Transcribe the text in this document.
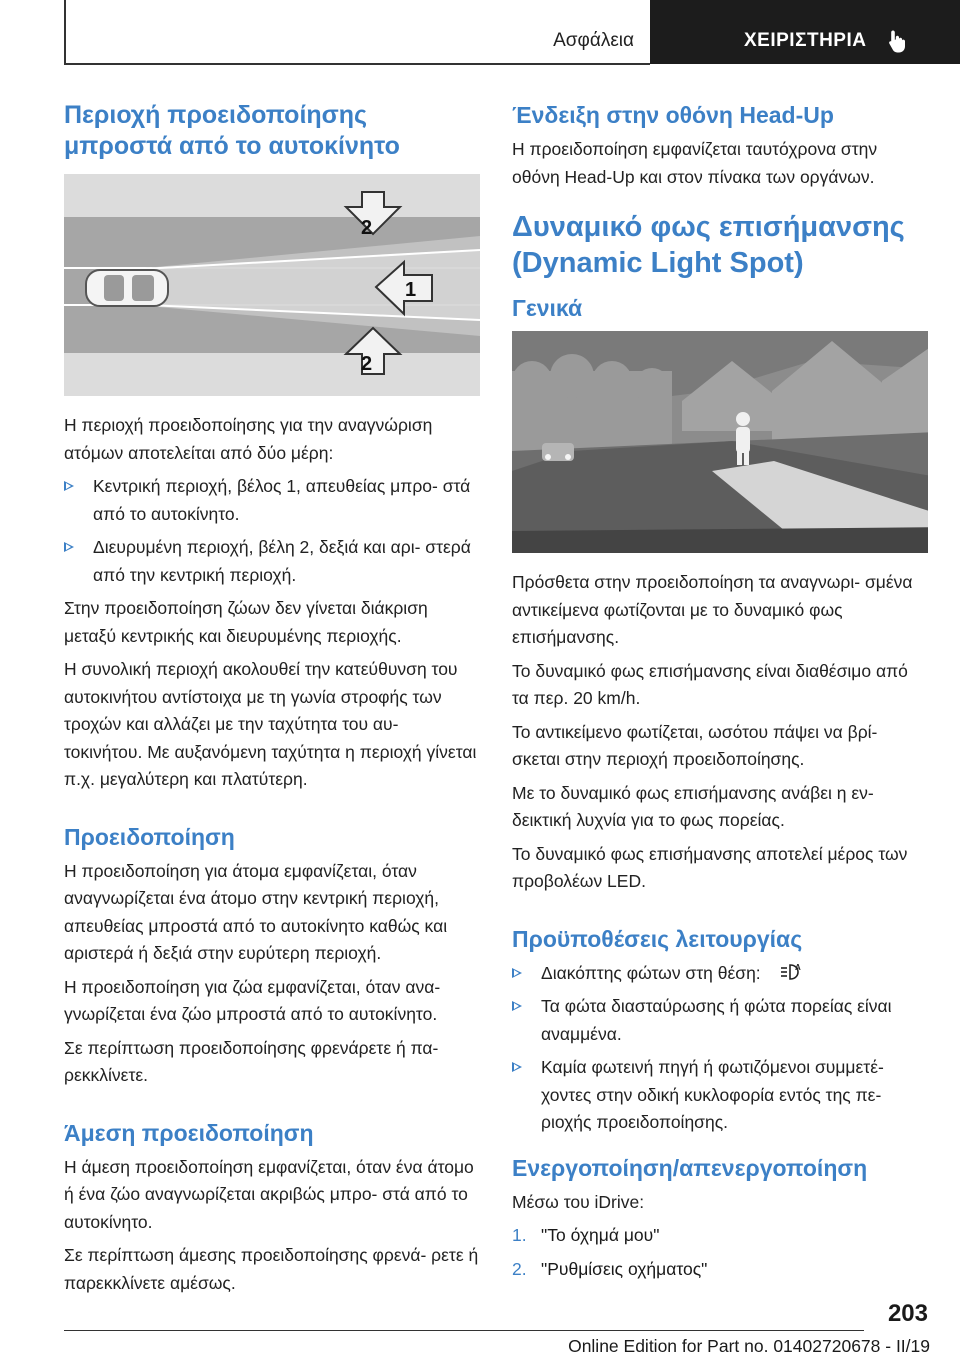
Ασφάλεια	ΧΕΙΡΙΣΤΗΡΙΑ
Περιοχή προειδοποίησης μπροστά από το αυτοκίνητο
2
1
2

Η περιοχή προειδοποίησης για την αναγνώριση ατόμων αποτελείται από δύο μέρη:

Κεντρική περιοχή, βέλος 1, απευθείας μπρο‐ στά από το αυτοκίνητο.
Διευρυμένη περιοχή, βέλη 2, δεξιά και αρι‐ στερά από την κεντρική περιοχή.

Στην προειδοποίηση ζώων δεν γίνεται διάκριση μεταξύ κεντρικής και διευρυμένης περιοχής.

Η συνολική περιοχή ακολουθεί την κατεύθυνση του αυτοκινήτου αντίστοιχα με τη γωνία στροφής των τροχών και αλλάζει με την ταχύτητα του αυ‐ τοκινήτου. Με αυξανόμενη ταχύτητα η περιοχή γίνεται π.χ. μεγαλύτερη και πλατύτερη.

Προειδοποίηση

Η προειδοποίηση για άτομα εμφανίζεται, όταν αναγνωρίζεται ένα άτομο στην κεντρική περιοχή, απευθείας μπροστά από το αυτοκίνητο καθώς και αριστερά ή δεξιά στην ευρύτερη περιοχή.

Η προειδοποίηση για ζώα εμφανίζεται, όταν ανα‐ γνωρίζεται ένα ζώο μπροστά από το αυτοκίνητο.

Σε περίπτωση προειδοποίησης φρενάρετε ή πα‐ ρεκκλίνετε.

Άμεση προειδοποίηση

Η άμεση προειδοποίηση εμφανίζεται, όταν ένα άτομο ή ένα ζώο αναγνωρίζεται ακριβώς μπρο‐ στά από το αυτοκίνητο.

Σε περίπτωση άμεσης προειδοποίησης φρενά‐ ρετε ή παρεκκλίνετε αμέσως.

Ένδειξη στην οθόνη Head-Up

Η προειδοποίηση εμφανίζεται ταυτόχρονα στην οθόνη Head-Up και στον πίνακα των οργάνων.

Δυναμικό φως επισήμανσης (Dynamic Light Spot)
Γενικά

Πρόσθετα στην προειδοποίηση τα αναγνωρι‐ σμένα αντικείμενα φωτίζονται με το δυναμικό φως επισήμανσης.

Το δυναμικό φως επισήμανσης είναι διαθέσιμο από τα περ. 20 km/h.

Το αντικείμενο φωτίζεται, ωσότου πάψει να βρί‐ σκεται στην περιοχή προειδοποίησης.

Με το δυναμικό φως επισήμανσης ανάβει η εν‐ δεικτική λυχνία για το φως πορείας.

Το δυναμικό φως επισήμανσης αποτελεί μέρος των προβολέων LED.

Προϋποθέσεις λειτουργίας
Διακόπτης φώτων στη θέση:	A
Τα φώτα διασταύρωσης ή φώτα πορείας είναι αναμμένα.
Καμία φωτεινή πηγή ή φωτιζόμενοι συμμετέ‐ χοντες στην οδική κυκλοφορία εντός της πε‐ ριοχής προειδοποίησης.
Ενεργοποίηση/απενεργοποίηση

Μέσω του iDrive:

1. "Το όχημά μου"
2. "Ρυθμίσεις οχήματος"
203
Online Edition for Part no. 01402720678 - II/19
